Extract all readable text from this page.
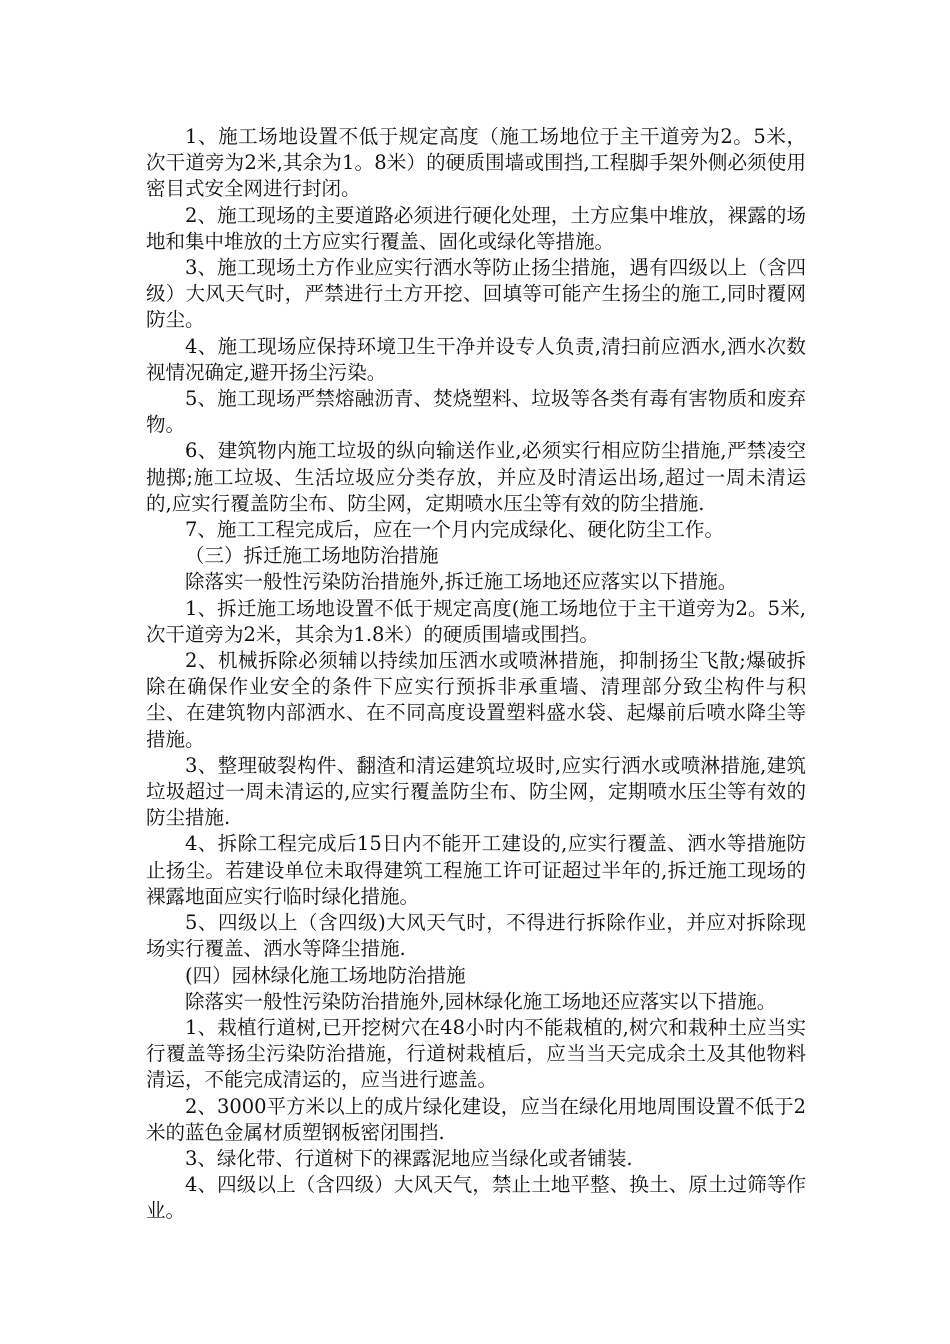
1、施工场地设置不低于规定高度（施工场地位于主干道旁为2。5米，次干道旁为2米,其余为1。8米）的硬质围墙或围挡,工程脚手架外侧必须使用密目式安全网进行封闭。

2、施工现场的主要道路必须进行硬化处理，土方应集中堆放，裸露的场地和集中堆放的土方应实行覆盖、固化或绿化等措施。

3、施工现场土方作业应实行洒水等防止扬尘措施，遇有四级以上（含四级）大风天气时，严禁进行土方开挖、回填等可能产生扬尘的施工,同时覆网防尘。

4、施工现场应保持环境卫生干净并设专人负责,清扫前应洒水,洒水次数视情况确定,避开扬尘污染。

5、施工现场严禁熔融沥青、焚烧塑料、垃圾等各类有毒有害物质和废弃物。

6、建筑物内施工垃圾的纵向输送作业,必须实行相应防尘措施,严禁凌空抛掷;施工垃圾、生活垃圾应分类存放，并应及时清运出场,超过一周未清运的,应实行覆盖防尘布、防尘网，定期喷水压尘等有效的防尘措施.

7、施工工程完成后，应在一个月内完成绿化、硬化防尘工作。

（三）拆迁施工场地防治措施

除落实一般性污染防治措施外,拆迁施工场地还应落实以下措施。

1、拆迁施工场地设置不低于规定高度(施工场地位于主干道旁为2。5米,次干道旁为2米，其余为1.8米）的硬质围墙或围挡。

2、机械拆除必须辅以持续加压洒水或喷淋措施，抑制扬尘飞散;爆破拆除在确保作业安全的条件下应实行预拆非承重墙、清理部分致尘构件与积尘、在建筑物内部洒水、在不同高度设置塑料盛水袋、起爆前后喷水降尘等措施。

3、整理破裂构件、翻渣和清运建筑垃圾时,应实行洒水或喷淋措施,建筑垃圾超过一周未清运的,应实行覆盖防尘布、防尘网，定期喷水压尘等有效的防尘措施.

4、拆除工程完成后15日内不能开工建设的,应实行覆盖、洒水等措施防止扬尘。若建设单位未取得建筑工程施工许可证超过半年的,拆迁施工现场的裸露地面应实行临时绿化措施。

5、四级以上（含四级)大风天气时，不得进行拆除作业，并应对拆除现场实行覆盖、洒水等降尘措施.

(四）园林绿化施工场地防治措施

除落实一般性污染防治措施外,园林绿化施工场地还应落实以下措施。

1、栽植行道树,已开挖树穴在48小时内不能栽植的,树穴和栽种土应当实行覆盖等扬尘污染防治措施，行道树栽植后，应当当天完成余土及其他物料清运，不能完成清运的，应当进行遮盖。

2、3000平方米以上的成片绿化建设，应当在绿化用地周围设置不低于2米的蓝色金属材质塑钢板密闭围挡.

3、绿化带、行道树下的裸露泥地应当绿化或者铺装.

4、四级以上（含四级）大风天气，禁止土地平整、换土、原土过筛等作业。
